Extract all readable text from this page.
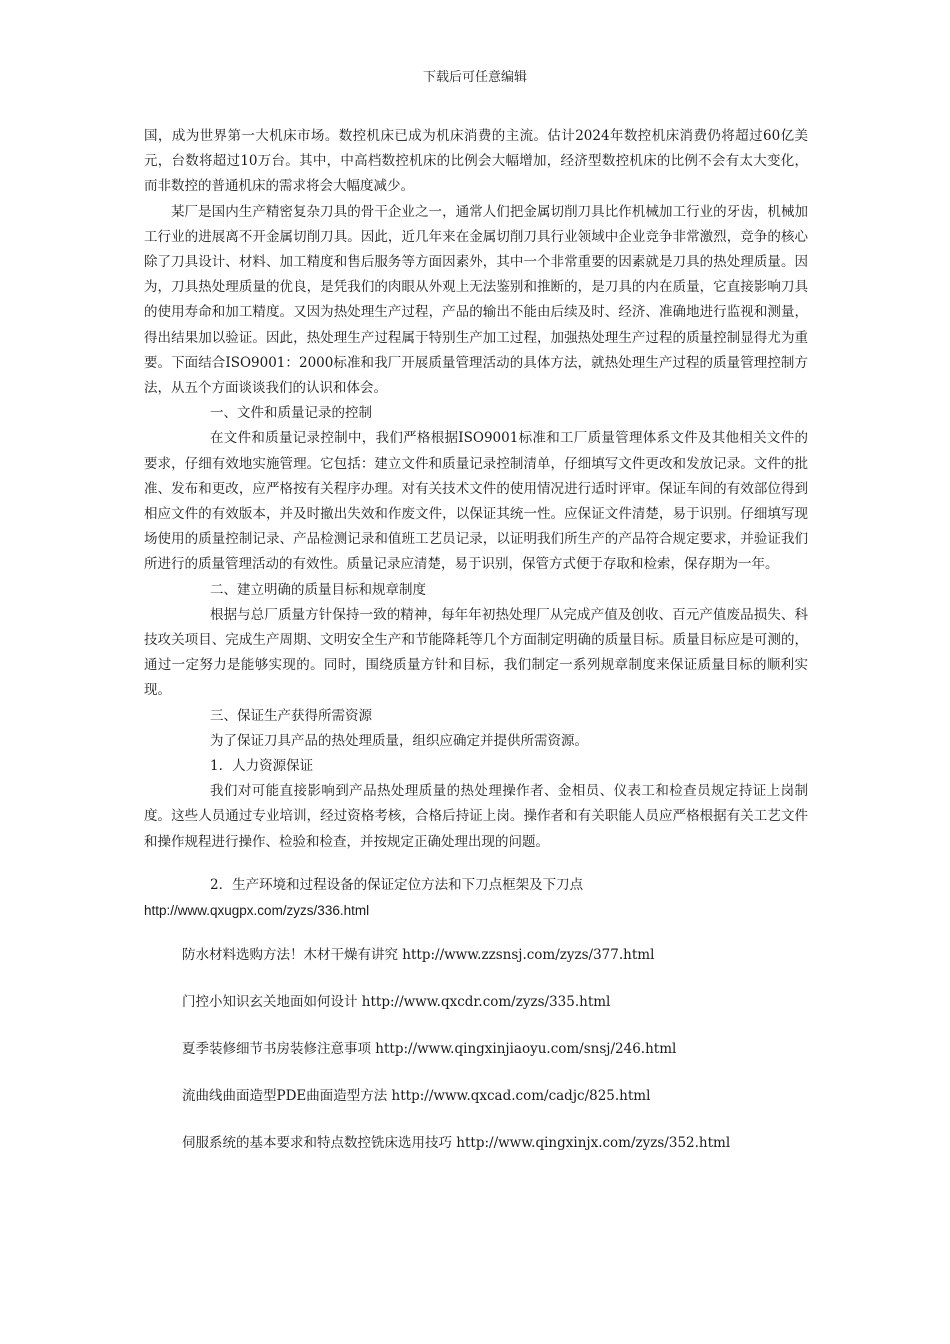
下载后可任意编辑

国，成为世界第一大机床市场。数控机床已成为机床消费的主流。估计2024年数控机床消费仍将超过60亿美元，台数将超过10万台。其中，中高档数控机床的比例会大幅增加，经济型数控机床的比例不会有太大变化，而非数控的普通机床的需求将会大幅度减少。

某厂是国内生产精密复杂刀具的骨干企业之一，通常人们把金属切削刀具比作机械加工行业的牙齿，机械加工行业的进展离不开金属切削刀具。因此，近几年来在金属切削刀具行业领域中企业竞争非常激烈，竞争的核心除了刀具设计、材料、加工精度和售后服务等方面因素外，其中一个非常重要的因素就是刀具的热处理质量。因为，刀具热处理质量的优良，是凭我们的肉眼从外观上无法鉴别和推断的，是刀具的内在质量，它直接影响刀具的使用寿命和加工精度。又因为热处理生产过程，产品的输出不能由后续及时、经济、准确地进行监视和测量，得出结果加以验证。因此，热处理生产过程属于特别生产加工过程，加强热处理生产过程的质量控制显得尤为重要。下面结合ISO9001：2000标准和我厂开展质量管理活动的具体方法，就热处理生产过程的质量管理控制方法，从五个方面谈谈我们的认识和体会。

一、文件和质量记录的控制

在文件和质量记录控制中，我们严格根据ISO9001标准和工厂质量管理体系文件及其他相关文件的要求，仔细有效地实施管理。它包括：建立文件和质量记录控制清单，仔细填写文件更改和发放记录。文件的批准、发布和更改，应严格按有关程序办理。对有关技术文件的使用情况进行适时评审。保证车间的有效部位得到相应文件的有效版本，并及时撤出失效和作废文件，以保证其统一性。应保证文件清楚，易于识别。仔细填写现场使用的质量控制记录、产品检测记录和值班工艺员记录，以证明我们所生产的产品符合规定要求，并验证我们所进行的质量管理活动的有效性。质量记录应清楚，易于识别，保管方式便于存取和检索，保存期为一年。

二、建立明确的质量目标和规章制度

根据与总厂质量方针保持一致的精神，每年年初热处理厂从完成产值及创收、百元产值废品损失、科技攻关项目、完成生产周期、文明安全生产和节能降耗等几个方面制定明确的质量目标。质量目标应是可测的，通过一定努力是能够实现的。同时，围绕质量方针和目标，我们制定一系列规章制度来保证质量目标的顺利实现。

三、保证生产获得所需资源

为了保证刀具产品的热处理质量，组织应确定并提供所需资源。

1．人力资源保证

我们对可能直接影响到产品热处理质量的热处理操作者、金相员、仪表工和检查员规定持证上岗制度。这些人员通过专业培训，经过资格考核，合格后持证上岗。操作者和有关职能人员应严格根据有关工艺文件和操作规程进行操作、检验和检查，并按规定正确处理出现的问题。

2．生产环境和过程设备的保证定位方法和下刀点框架及下刀点

http://www.qxugpx.com/zyzs/336.html

防水材料选购方法！木材干燥有讲究 http://www.zzsnsj.com/zyzs/377.html

门控小知识玄关地面如何设计 http://www.qxcdr.com/zyzs/335.html

夏季装修细节书房装修注意事项 http://www.qingxinjiaoyu.com/snsj/246.html

流曲线曲面造型PDE曲面造型方法 http://www.qxcad.com/cadjc/825.html

伺服系统的基本要求和特点数控铣床选用技巧 http://www.qingxinjx.com/zyzs/352.html
